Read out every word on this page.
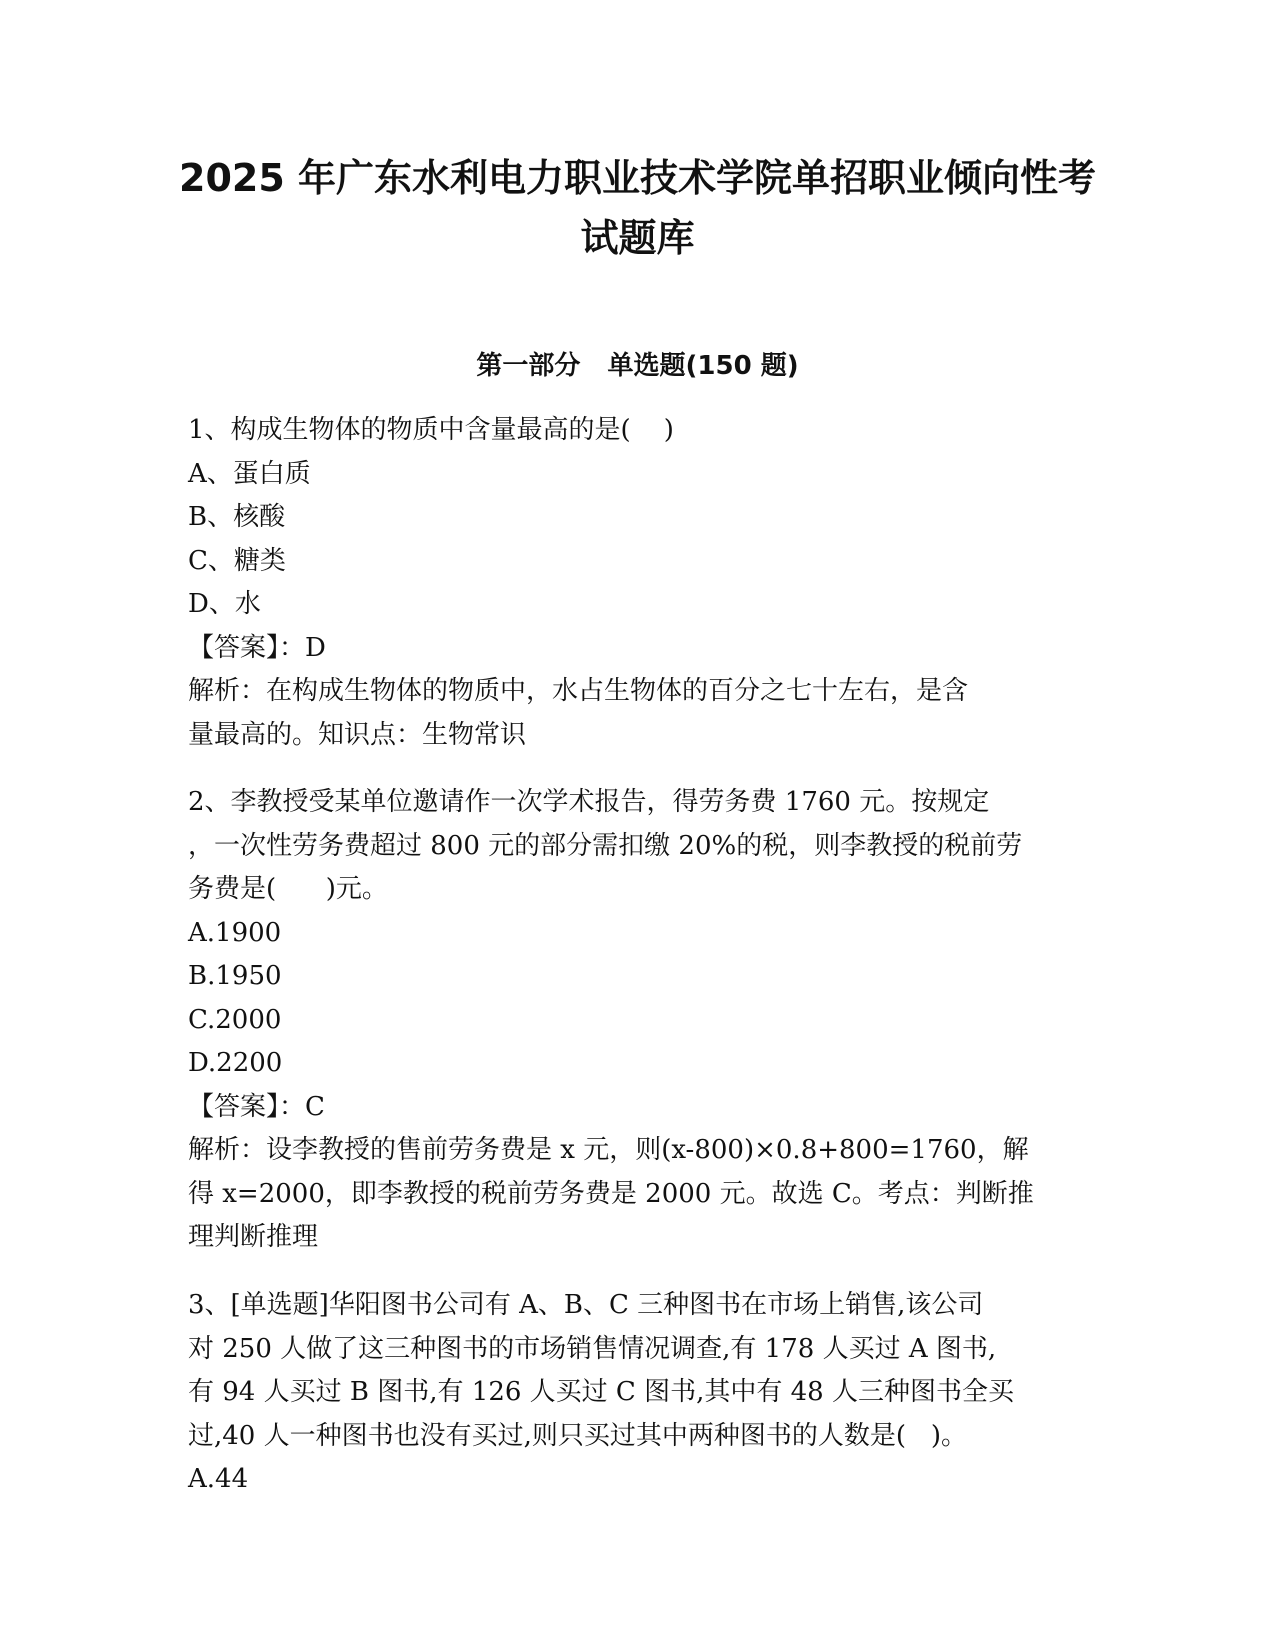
2025 年广东水利电力职业技术学院单招职业倾向性考
试题库
第一部分   单选题(150 题)
1、构成生物体的物质中含量最高的是(    )
A、蛋白质
B、核酸
C、糖类
D、水
【答案】：D
解析：在构成生物体的物质中，水占生物体的百分之七十左右，是含
量最高的。知识点：生物常识
2、李教授受某单位邀请作一次学术报告，得劳务费 1760 元。按规定
，一次性劳务费超过 800 元的部分需扣缴 20%的税，则李教授的税前劳
务费是(      )元。
A.1900
B.1950
C.2000
D.2200
【答案】：C
解析：设李教授的售前劳务费是 x 元，则(x-800)×0.8+800=1760，解
得 x=2000，即李教授的税前劳务费是 2000 元。故选 C。考点：判断推
理判断推理
3、[单选题]华阳图书公司有 A、B、C 三种图书在市场上销售,该公司
对 250 人做了这三种图书的市场销售情况调查,有 178 人买过 A 图书,
有 94 人买过 B 图书,有 126 人买过 C 图书,其中有 48 人三种图书全买
过,40 人一种图书也没有买过,则只买过其中两种图书的人数是(   )。
A.44
